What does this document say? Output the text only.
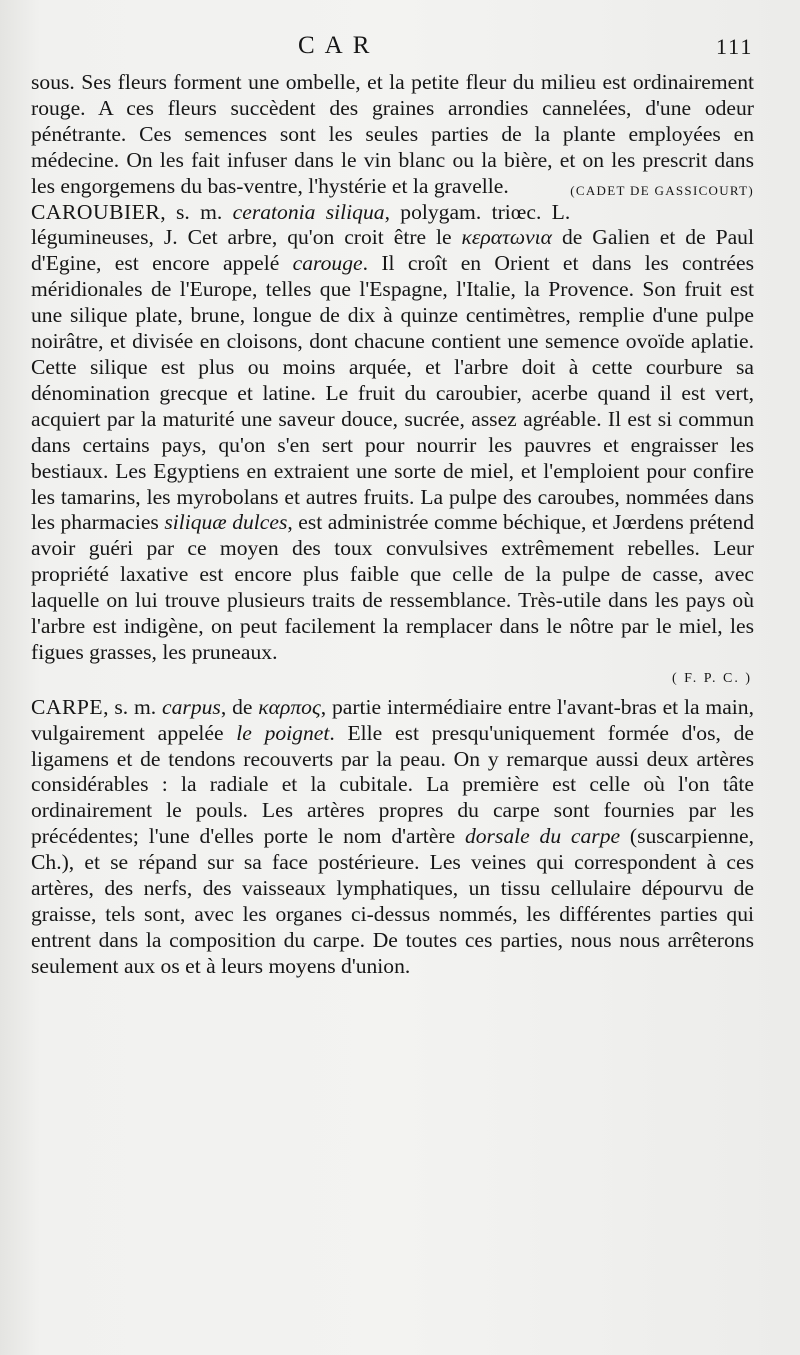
CAR	111

sous. Ses fleurs forment une ombelle, et la petite fleur du milieu est ordinairement rouge. A ces fleurs succèdent des graines arrondies cannelées, d'une odeur pénétrante. Ces semences sont les seules parties de la plante employées en médecine. On les fait infuser dans le vin blanc ou la bière, et on les prescrit dans les engorgemens du bas-ventre, l'hystérie et la gravelle.	(CADET DE GASSICOURT)

CAROUBIER, s. m. ceratonia siliqua, polygam. triœc. L. légumineuses, J. Cet arbre, qu'on croit être le κερατωνια de Galien et de Paul d'Egine, est encore appelé carouge. Il croît en Orient et dans les contrées méridionales de l'Europe, telles que l'Espagne, l'Italie, la Provence. Son fruit est une silique plate, brune, longue de dix à quinze centimètres, remplie d'une pulpe noirâtre, et divisée en cloisons, dont chacune contient une semence ovoïde aplatie. Cette silique est plus ou moins arquée, et l'arbre doit à cette courbure sa dénomination grecque et latine. Le fruit du caroubier, acerbe quand il est vert, acquiert par la maturité une saveur douce, sucrée, assez agréable. Il est si commun dans certains pays, qu'on s'en sert pour nourrir les pauvres et engraisser les bestiaux. Les Egyptiens en extraient une sorte de miel, et l'emploient pour confire les tamarins, les myrobolans et autres fruits. La pulpe des caroubes, nommées dans les pharmacies siliquæ dulces, est administrée comme béchique, et Jœrdens prétend avoir guéri par ce moyen des toux convulsives extrêmement rebelles. Leur propriété laxative est encore plus faible que celle de la pulpe de casse, avec laquelle on lui trouve plusieurs traits de ressemblance. Très-utile dans les pays où l'arbre est indigène, on peut facilement la remplacer dans le nôtre par le miel, les figues grasses, les pruneaux.

( F. P. C. )

CARPE, s. m. carpus, de καρπος, partie intermédiaire entre l'avant-bras et la main, vulgairement appelée le poignet. Elle est presqu'uniquement formée d'os, de ligamens et de tendons recouverts par la peau. On y remarque aussi deux artères considérables : la radiale et la cubitale. La première est celle où l'on tâte ordinairement le pouls. Les artères propres du carpe sont fournies par les précédentes; l'une d'elles porte le nom d'artère dorsale du carpe (suscarpienne, Ch.), et se répand sur sa face postérieure. Les veines qui correspondent à ces artères, des nerfs, des vaisseaux lymphatiques, un tissu cellulaire dépourvu de graisse, tels sont, avec les organes ci-dessus nommés, les différentes parties qui entrent dans la composition du carpe. De toutes ces parties, nous nous arrêterons seulement aux os et à leurs moyens d'union.
